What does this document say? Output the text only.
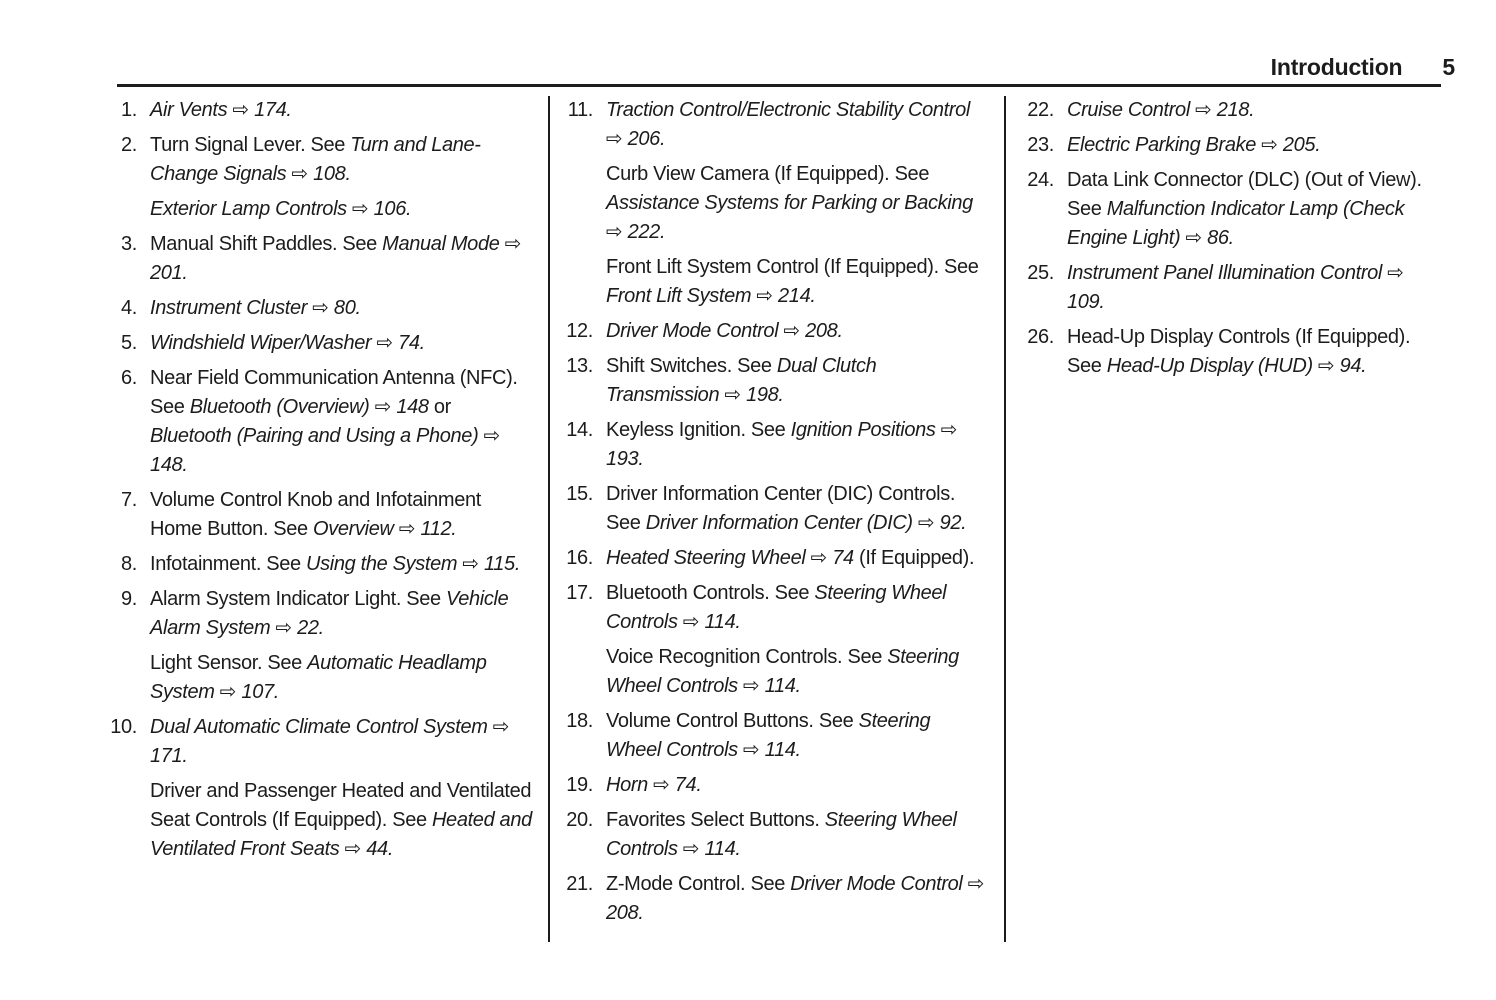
Introduction 5
1. Air Vents ⇨ 174.

2. Turn Signal Lever. See Turn and Lane-Change Signals ⇨ 108.

Exterior Lamp Controls ⇨ 106.

3. Manual Shift Paddles. See Manual Mode ⇨ 201.

4. Instrument Cluster ⇨ 80.

5. Windshield Wiper/Washer ⇨ 74.

6. Near Field Communication Antenna (NFC). See Bluetooth (Overview) ⇨ 148 or Bluetooth (Pairing and Using a Phone) ⇨ 148.

7. Volume Control Knob and Infotainment Home Button. See Overview ⇨ 112.

8. Infotainment. See Using the System ⇨ 115.

9. Alarm System Indicator Light. See Vehicle Alarm System ⇨ 22.

Light Sensor. See Automatic Headlamp System ⇨ 107.

10. Dual Automatic Climate Control System ⇨ 171.

Driver and Passenger Heated and Ventilated Seat Controls (If Equipped). See Heated and Ventilated Front Seats ⇨ 44.

11. Traction Control/Electronic Stability Control ⇨ 206.

Curb View Camera (If Equipped). See Assistance Systems for Parking or Backing ⇨ 222.

Front Lift System Control (If Equipped). See Front Lift System ⇨ 214.

12. Driver Mode Control ⇨ 208.

13. Shift Switches. See Dual Clutch Transmission ⇨ 198.

14. Keyless Ignition. See Ignition Positions ⇨ 193.

15. Driver Information Center (DIC) Controls. See Driver Information Center (DIC) ⇨ 92.

16. Heated Steering Wheel ⇨ 74 (If Equipped).

17. Bluetooth Controls. See Steering Wheel Controls ⇨ 114.

Voice Recognition Controls. See Steering Wheel Controls ⇨ 114.

18. Volume Control Buttons. See Steering Wheel Controls ⇨ 114.

19. Horn ⇨ 74.

20. Favorites Select Buttons. Steering Wheel Controls ⇨ 114.

21. Z-Mode Control. See Driver Mode Control ⇨ 208.

22. Cruise Control ⇨ 218.

23. Electric Parking Brake ⇨ 205.

24. Data Link Connector (DLC) (Out of View). See Malfunction Indicator Lamp (Check Engine Light) ⇨ 86.

25. Instrument Panel Illumination Control ⇨ 109.

26. Head-Up Display Controls (If Equipped). See Head-Up Display (HUD) ⇨ 94.
